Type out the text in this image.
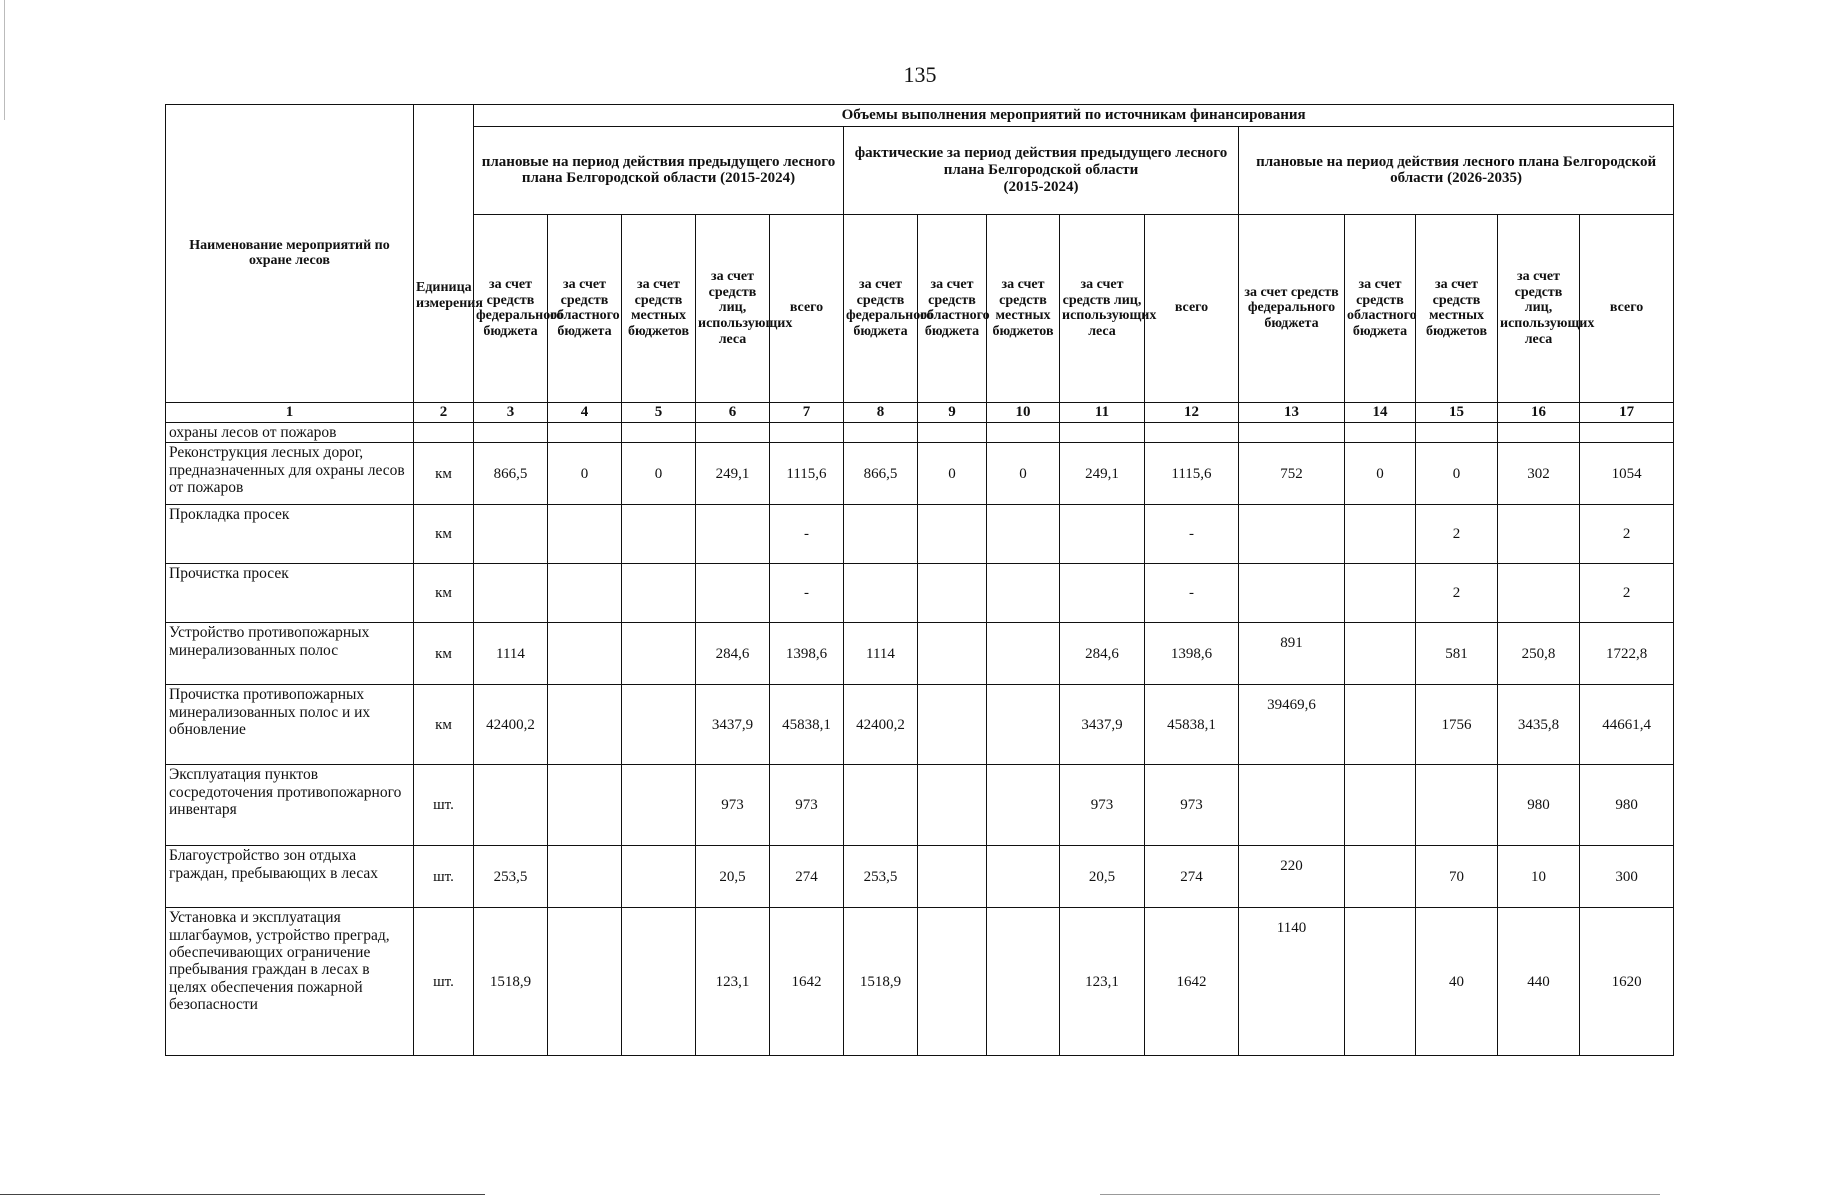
135
Наименование мероприятий по охране лесов	Единица измерения	Объемы выполнения мероприятий по источникам финансирования														
		плановые на период действия предыдущего лесного плана Белгородской области (2015-2024)					фактические за период действия предыдущего лесного плана Белгородской области
(2015-2024)					плановые на период действия лесного плана Белгородской области (2026-2035)				
		за счет средств федерального бюджета	за счет средств областного бюджета	за счет средств местных бюджетов	за счет средств лиц, использующих леса	всего	за счет средств федерального бюджета	за счет средств областного бюджета	за счет средств местных бюджетов	за счет средств лиц, использующих леса	всего	за счет средств федерального бюджета	за счет средств областного бюджета	за счет средств местных бюджетов	за счет средств лиц, использующих леса	всего
1	2	3	4	5	6	7	8	9	10	11	12	13	14	15	16	17
охраны лесов от пожаров																
Реконструкция лесных дорог, предназначенных для охраны лесов от пожаров	км	866,5	0	0	249,1	1115,6	866,5	0	0	249,1	1115,6	752	0	0	302	1054
Прокладка просек	км					-					-			2		2
Прочистка просек	км					-					-			2		2
Устройство противопожарных минерализованных полос	км	1114			284,6	1398,6	1114			284,6	1398,6	891		581	250,8	1722,8
Прочистка противопожарных минерализованных полос и их обновление	км	42400,2			3437,9	45838,1	42400,2			3437,9	45838,1	39469,6		1756	3435,8	44661,4
Эксплуатация пунктов сосредоточения противопожарного инвентаря	шт.				973	973				973	973				980	980
Благоустройство зон отдыха граждан, пребывающих в лесах	шт.	253,5			20,5	274	253,5			20,5	274	220		70	10	300
Установка и эксплуатация шлагбаумов, устройство преград, обеспечивающих ограничение пребывания граждан в лесах в целях обеспечения пожарной безопасности	шт.	1518,9			123,1	1642	1518,9			123,1	1642	1140		40	440	1620
